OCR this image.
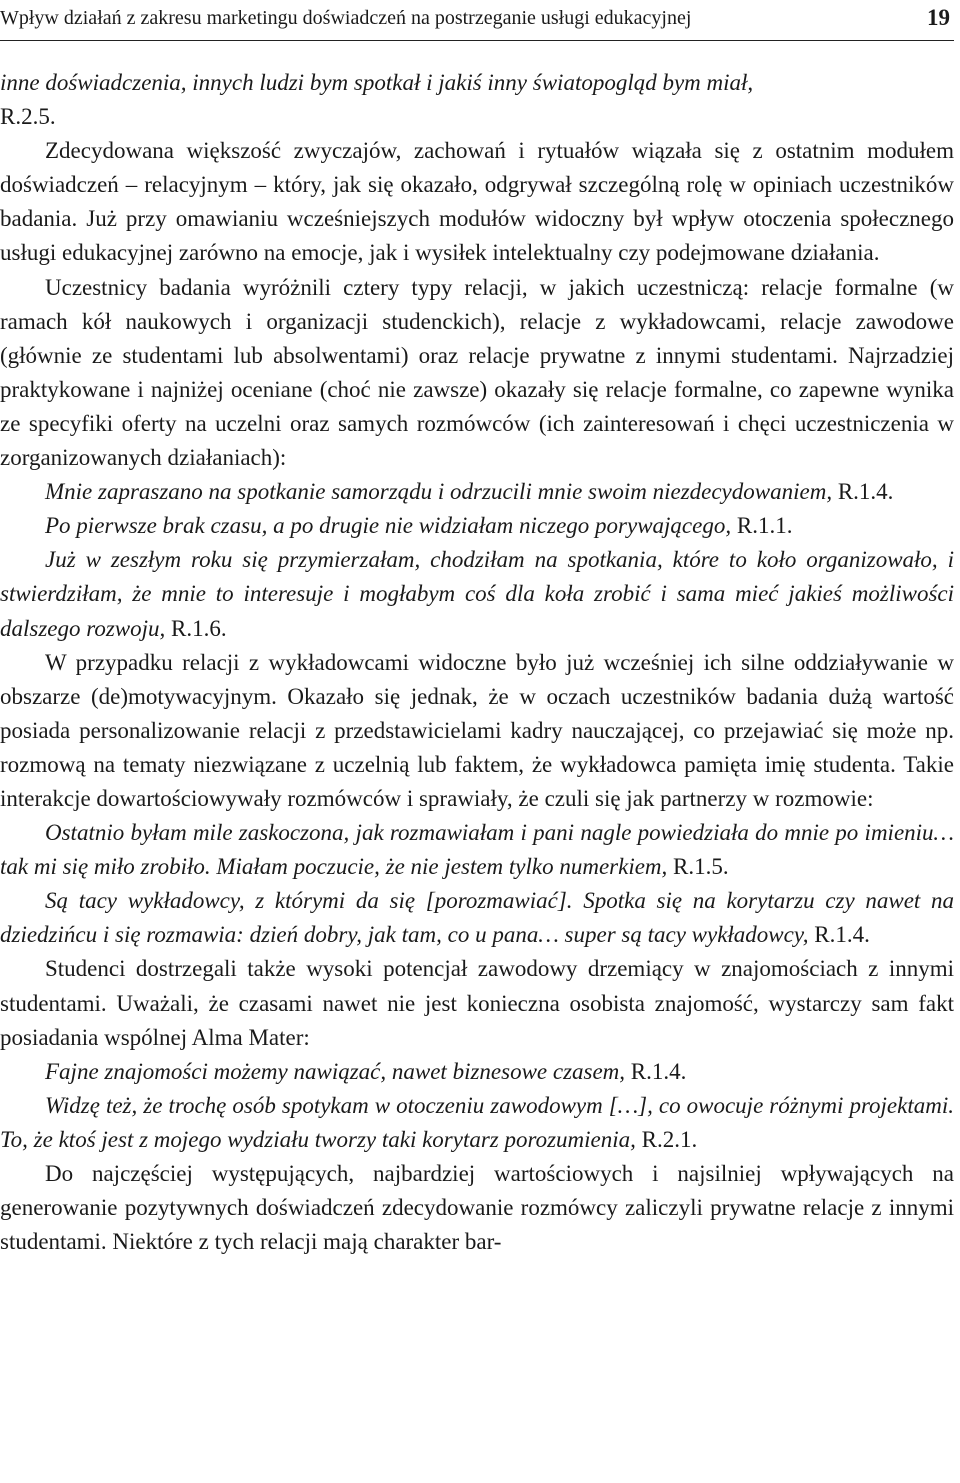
Wpływ działań z zakresu marketingu doświadczeń na postrzeganie usługi edukacyjnej	19

inne doświadczenia, innych ludzi bym spotkał i jakiś inny światopogląd bym miał,
R.2.5.

Zdecydowana większość zwyczajów, zachowań i rytuałów wiązała się z ostatnim modułem doświadczeń – relacyjnym – który, jak się okazało, odgrywał szczególną rolę w opiniach uczestników badania. Już przy omawianiu wcześniejszych modułów widoczny był wpływ otoczenia społecznego usługi edukacyjnej zarówno na emocje, jak i wysiłek intelektualny czy podejmowane działania.

Uczestnicy badania wyróżnili cztery typy relacji, w jakich uczestniczą: relacje formalne (w ramach kół naukowych i organizacji studenckich), relacje z wykładowcami, relacje zawodowe (głównie ze studentami lub absolwentami) oraz relacje prywatne z innymi studentami. Najrzadziej praktykowane i najniżej oceniane (choć nie zawsze) okazały się relacje formalne, co zapewne wynika ze specyfiki oferty na uczelni oraz samych rozmówców (ich zainteresowań i chęci uczestniczenia w zorganizowanych działaniach):

Mnie zapraszano na spotkanie samorządu i odrzucili mnie swoim niezdecydowaniem, R.1.4.

Po pierwsze brak czasu, a po drugie nie widziałam niczego porywającego, R.1.1.

Już w zeszłym roku się przymierzałam, chodziłam na spotkania, które to koło organizowało, i stwierdziłam, że mnie to interesuje i mogłabym coś dla koła zrobić i sama mieć jakieś możliwości dalszego rozwoju, R.1.6.

W przypadku relacji z wykładowcami widoczne było już wcześniej ich silne oddziaływanie w obszarze (de)motywacyjnym. Okazało się jednak, że w oczach uczestników badania dużą wartość posiada personalizowanie relacji z przedstawicielami kadry nauczającej, co przejawiać się może np. rozmową na tematy niezwiązane z uczelnią lub faktem, że wykładowca pamięta imię studenta. Takie interakcje dowartościowywały rozmówców i sprawiały, że czuli się jak partnerzy w rozmowie:

Ostatnio byłam mile zaskoczona, jak rozmawiałam i pani nagle powiedziała do mnie po imieniu… tak mi się miło zrobiło. Miałam poczucie, że nie jestem tylko numerkiem, R.1.5.

Są tacy wykładowcy, z którymi da się [porozmawiać]. Spotka się na korytarzu czy nawet na dziedzińcu i się rozmawia: dzień dobry, jak tam, co u pana… super są tacy wykładowcy, R.1.4.

Studenci dostrzegali także wysoki potencjał zawodowy drzemiący w znajomościach z innymi studentami. Uważali, że czasami nawet nie jest konieczna osobista znajomość, wystarczy sam fakt posiadania wspólnej Alma Mater:

Fajne znajomości możemy nawiązać, nawet biznesowe czasem, R.1.4.

Widzę też, że trochę osób spotykam w otoczeniu zawodowym […], co owocuje różnymi projektami. To, że ktoś jest z mojego wydziału tworzy taki korytarz porozumienia, R.2.1.

Do najczęściej występujących, najbardziej wartościowych i najsilniej wpływających na generowanie pozytywnych doświadczeń zdecydowanie rozmówcy zaliczyli prywatne relacje z innymi studentami. Niektóre z tych relacji mają charakter bar-
